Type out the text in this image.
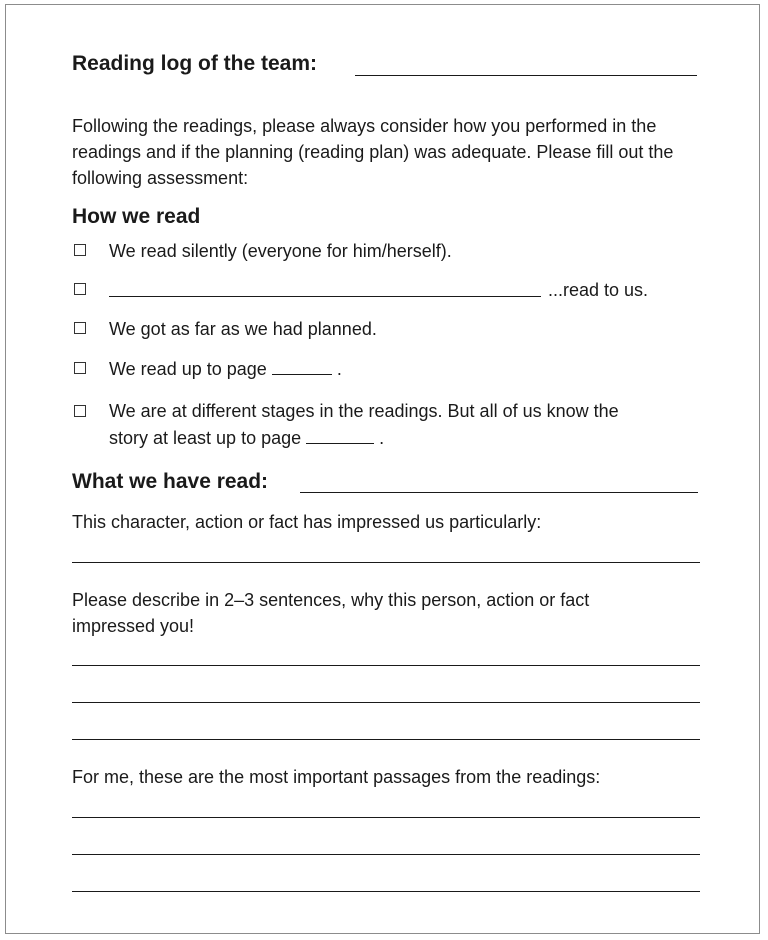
Reading log of the team:
Following the readings, please always consider how you performed in the readings and if the planning (reading plan) was adequate. Please fill out the following assessment:
How we read
We read silently (everyone for him/herself).
...read to us.
We got as far as we had planned.
We read up to page	.
We are at different stages in the readings. But all of us know the
story at least up to page	.
What we have read:
This character, action or fact has impressed us particularly:
Please describe in 2–3 sentences, why this person, action or fact
impressed you!
For me, these are the most important passages from the readings:
